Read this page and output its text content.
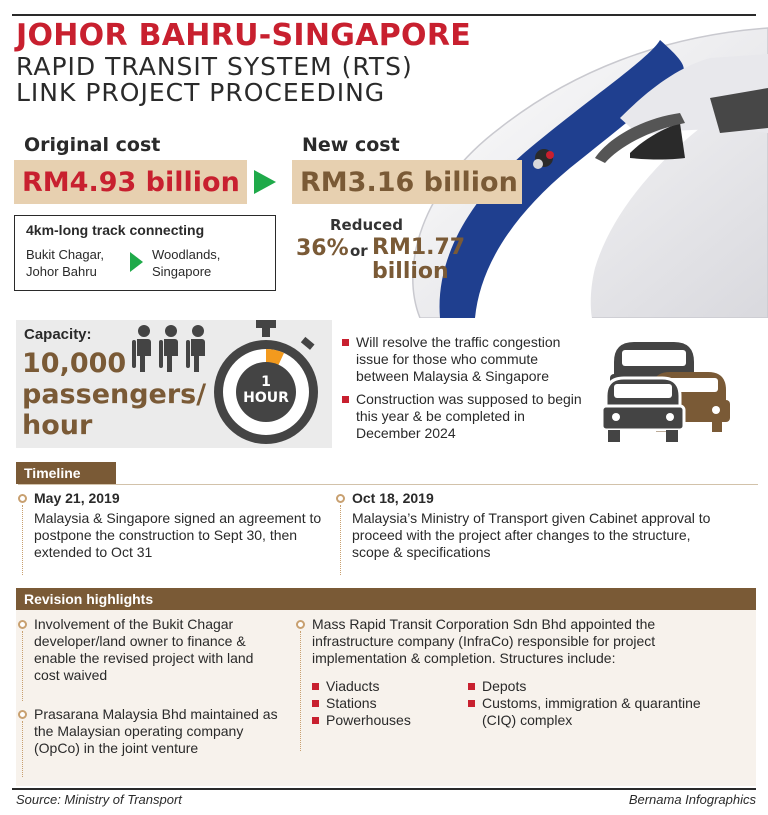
JOHOR BAHRU-SINGAPORE
RAPID TRANSIT SYSTEM (RTS)
LINK PROJECT PROCEEDING
Original cost
RM4.93 billion
New cost
RM3.16 billion
4km-long track connecting
Bukit Chagar,
Johor Bahru
Woodlands,
Singapore
Reduced
36% or RM1.77 billion
Capacity:
10,000 passengers/ hour
1
HOUR
Will resolve the traffic congestion issue for those who commute between Malaysia & Singapore
Construction was supposed to begin this year & be completed in December 2024
Timeline
May 21, 2019
Malaysia & Singapore signed an agreement to postpone the construction to Sept 30, then extended to Oct 31
Oct 18, 2019
Malaysia’s Ministry of Transport given Cabinet approval to proceed with the project after changes to the structure, scope & specifications
Revision highlights
Involvement of the Bukit Chagar developer/land owner to finance & enable the revised project with land cost waived
Prasarana Malaysia Bhd maintained as the Malaysian operating company (OpCo) in the joint venture
Mass Rapid Transit Corporation Sdn Bhd appointed the infrastructure company (InfraCo) responsible for project implementation & completion. Structures include:
Viaducts
Stations
Powerhouses
Depots
Customs, immigration & quarantine (CIQ) complex
Source: Ministry of Transport	Bernama Infographics
